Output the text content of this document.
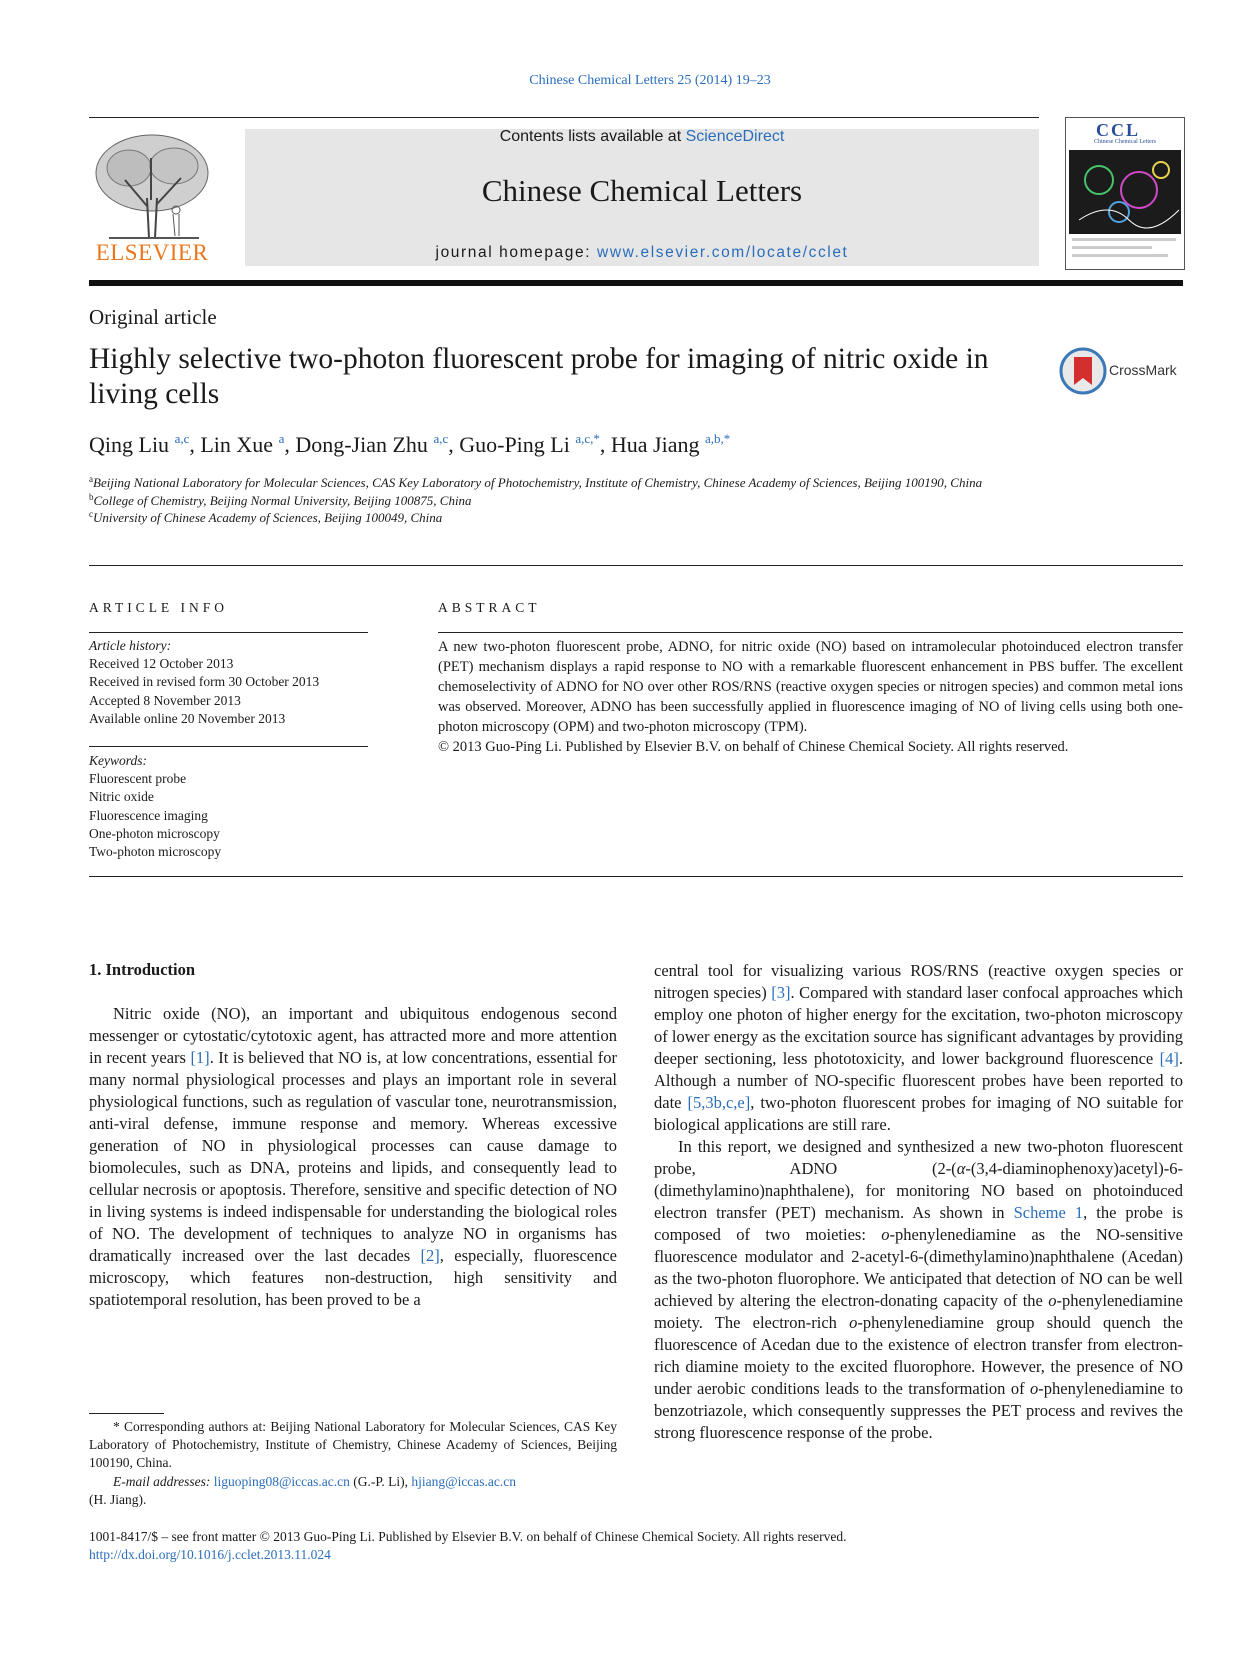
Chinese Chemical Letters 25 (2014) 19–23
ELSEVIER
Contents lists available at ScienceDirect
Chinese Chemical Letters
journal homepage: www.elsevier.com/locate/cclet
CCL
Chinese Chemical Letters
Original article
Highly selective two-photon fluorescent probe for imaging of nitric oxide in living cells
CrossMark
Qing Liu $^{a,c}$, Lin Xue $^a$, Dong-Jian Zhu $^{a,c}$, Guo-Ping Li $^{a,c,*}$, Hua Jiang $^{a,b,*}$
$^a$Beijing National Laboratory for Molecular Sciences, CAS Key Laboratory of Photochemistry, Institute of Chemistry, Chinese Academy of Sciences, Beijing 100190, China
$^b$College of Chemistry, Beijing Normal University, Beijing 100875, China
$^c$University of Chinese Academy of Sciences, Beijing 100049, China
ARTICLE INFO
Article history:
Received 12 October 2013
Received in revised form 30 October 2013
Accepted 8 November 2013
Available online 20 November 2013
Keywords:
Fluorescent probe
Nitric oxide
Fluorescence imaging
One-photon microscopy
Two-photon microscopy
ABSTRACT
A new two-photon fluorescent probe, ADNO, for nitric oxide (NO) based on intramolecular photoinduced electron transfer (PET) mechanism displays a rapid response to NO with a remarkable fluorescent enhancement in PBS buffer. The excellent chemoselectivity of ADNO for NO over other ROS/RNS (reactive oxygen species or nitrogen species) and common metal ions was observed. Moreover, ADNO has been successfully applied in fluorescence imaging of NO of living cells using both one-photon microscopy (OPM) and two-photon microscopy (TPM).
© 2013 Guo-Ping Li. Published by Elsevier B.V. on behalf of Chinese Chemical Society. All rights reserved.
1. Introduction

Nitric oxide (NO), an important and ubiquitous endogenous second messenger or cytostatic/cytotoxic agent, has attracted more and more attention in recent years [1]. It is believed that NO is, at low concentrations, essential for many normal physiological processes and plays an important role in several physiological functions, such as regulation of vascular tone, neurotransmission, anti-viral defense, immune response and memory. Whereas excessive generation of NO in physiological processes can cause damage to biomolecules, such as DNA, proteins and lipids, and consequently lead to cellular necrosis or apoptosis. Therefore, sensitive and specific detection of NO in living systems is indeed indispensable for understanding the biological roles of NO. The development of techniques to analyze NO in organisms has dramatically increased over the last decades [2], especially, fluorescence microscopy, which features non-destruction, high sensitivity and spatiotemporal resolution, has been proved to be a

central tool for visualizing various ROS/RNS (reactive oxygen species or nitrogen species) [3]. Compared with standard laser confocal approaches which employ one photon of higher energy for the excitation, two-photon microscopy of lower energy as the excitation source has significant advantages by providing deeper sectioning, less phototoxicity, and lower background fluorescence [4]. Although a number of NO-specific fluorescent probes have been reported to date [5,3b,c,e], two-photon fluorescent probes for imaging of NO suitable for biological applications are still rare.

In this report, we designed and synthesized a new two-photon fluorescent probe, ADNO (2-(α-(3,4-diaminophenoxy)acetyl)-6-(dimethylamino)naphthalene), for monitoring NO based on photoinduced electron transfer (PET) mechanism. As shown in Scheme 1, the probe is composed of two moieties: o-phenylenediamine as the NO-sensitive fluorescence modulator and 2-acetyl-6-(dimethylamino)naphthalene (Acedan) as the two-photon fluorophore. We anticipated that detection of NO can be well achieved by altering the electron-donating capacity of the o-phenylenediamine moiety. The electron-rich o-phenylenediamine group should quench the fluorescence of Acedan due to the existence of electron transfer from electron-rich diamine moiety to the excited fluorophore. However, the presence of NO under aerobic conditions leads to the transformation of o-phenylenediamine to benzotriazole, which consequently suppresses the PET process and revives the strong fluorescence response of the probe.

* Corresponding authors at: Beijing National Laboratory for Molecular Sciences, CAS Key Laboratory of Photochemistry, Institute of Chemistry, Chinese Academy of Sciences, Beijing 100190, China.
E-mail addresses: liguoping08@iccas.ac.cn (G.-P. Li), hjiang@iccas.ac.cn
(H. Jiang).
1001-8417/$ – see front matter © 2013 Guo-Ping Li. Published by Elsevier B.V. on behalf of Chinese Chemical Society. All rights reserved.
http://dx.doi.org/10.1016/j.cclet.2013.11.024
